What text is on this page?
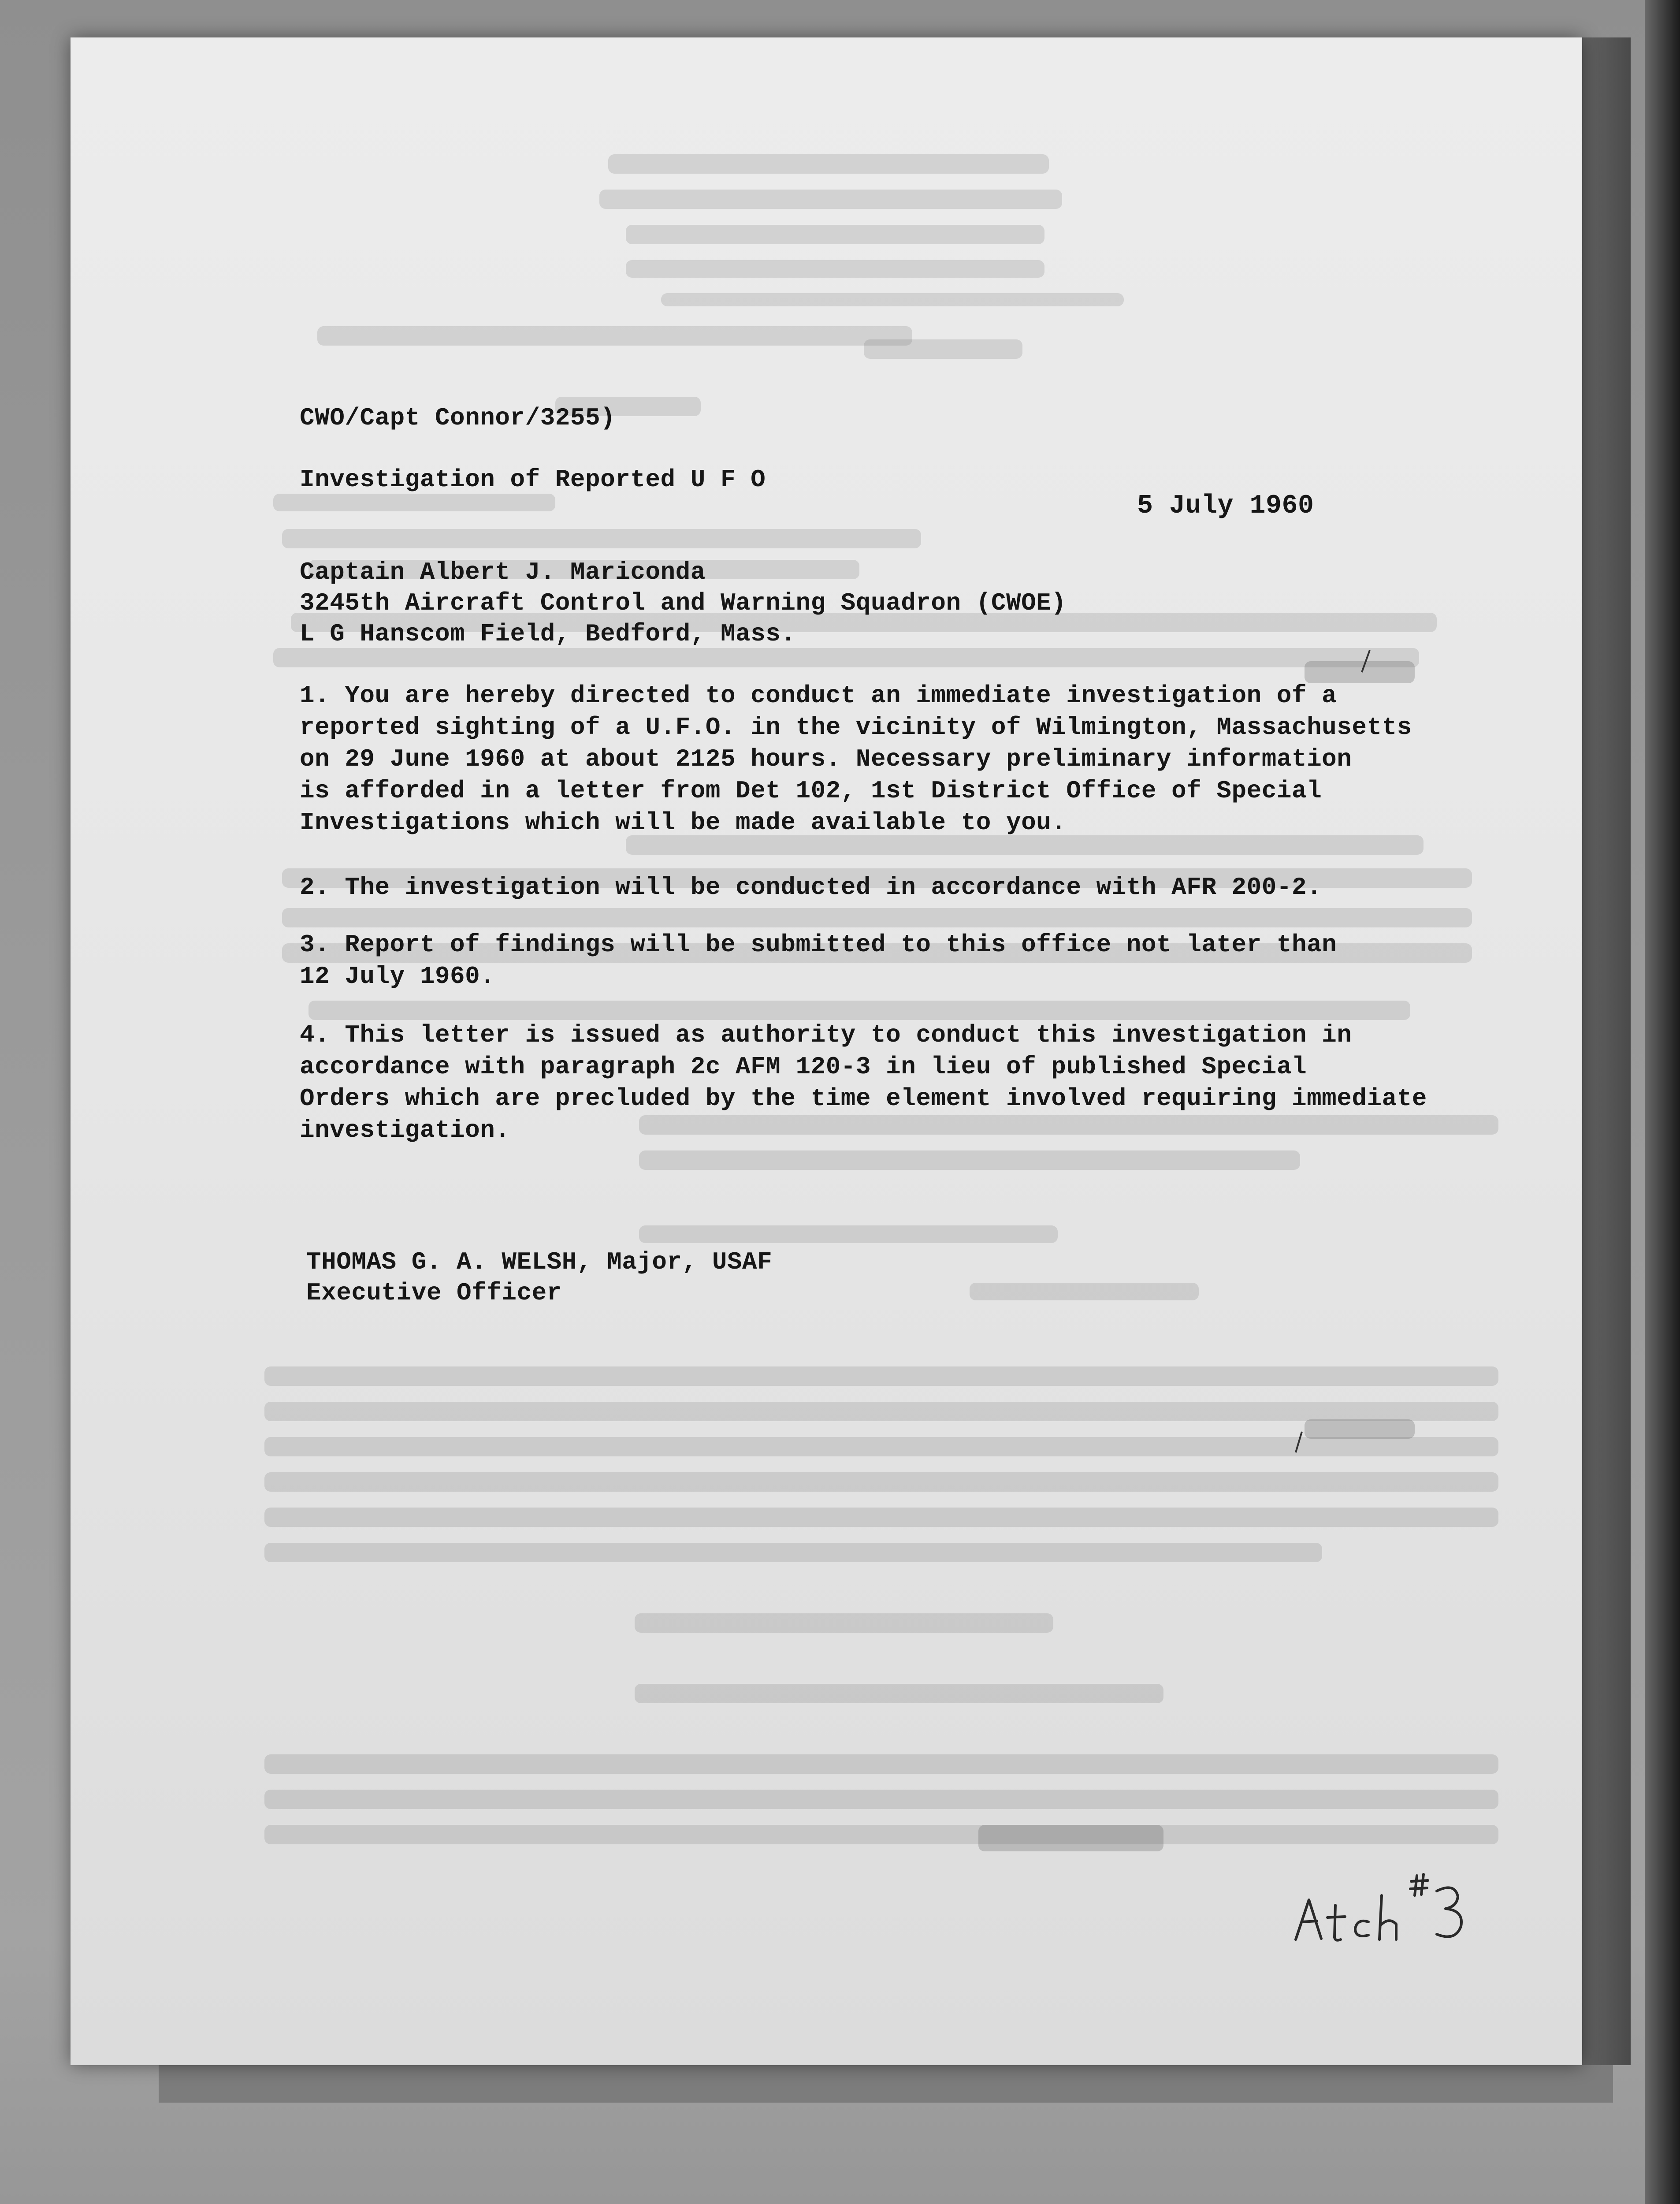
CWO/Capt Connor/3255)
Investigation of Reported U F O
5 July 1960
Captain Albert J. Mariconda
3245th Aircraft Control and Warning Squadron (CWOE)
L G Hanscom Field, Bedford, Mass.
1. You are hereby directed to conduct an immediate investigation of a
reported sighting of a U.F.O. in the vicinity of Wilmington, Massachusetts
on 29 June 1960 at about 2125 hours. Necessary preliminary information
is afforded in a letter from Det 102, 1st District Office of Special
Investigations which will be made available to you.
2. The investigation will be conducted in accordance with AFR 200-2.
3. Report of findings will be submitted to this office not later than
12 July 1960.
4. This letter is issued as authority to conduct this investigation in
accordance with paragraph 2c AFM 120-3 in lieu of published Special
Orders which are precluded by the time element involved requiring immediate
investigation.
THOMAS G. A. WELSH, Major, USAF
Executive Officer
